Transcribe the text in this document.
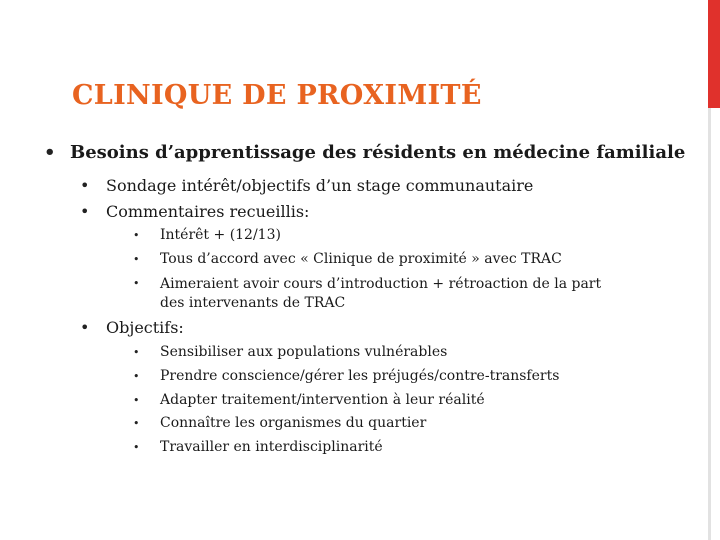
CLINIQUE DE PROXIMITÉ
• Besoins d’apprentissage des résidents en médecine familiale
•	Sondage intérêt/objectifs d’un stage communautaire
•	Commentaires recueillis:
•	Intérêt + (12/13)
•	Tous d’accord avec « Clinique de proximité » avec TRAC
•	Aimeraient avoir cours d’introduction + rétroaction de la part des intervenants de TRAC
•	Objectifs:
•	Sensibiliser aux populations vulnérables
•	Prendre conscience/gérer les préjugés/contre-transferts
•	Adapter traitement/intervention à leur réalité
•	Connaître les organismes du quartier
•	Travailler en interdisciplinarité
